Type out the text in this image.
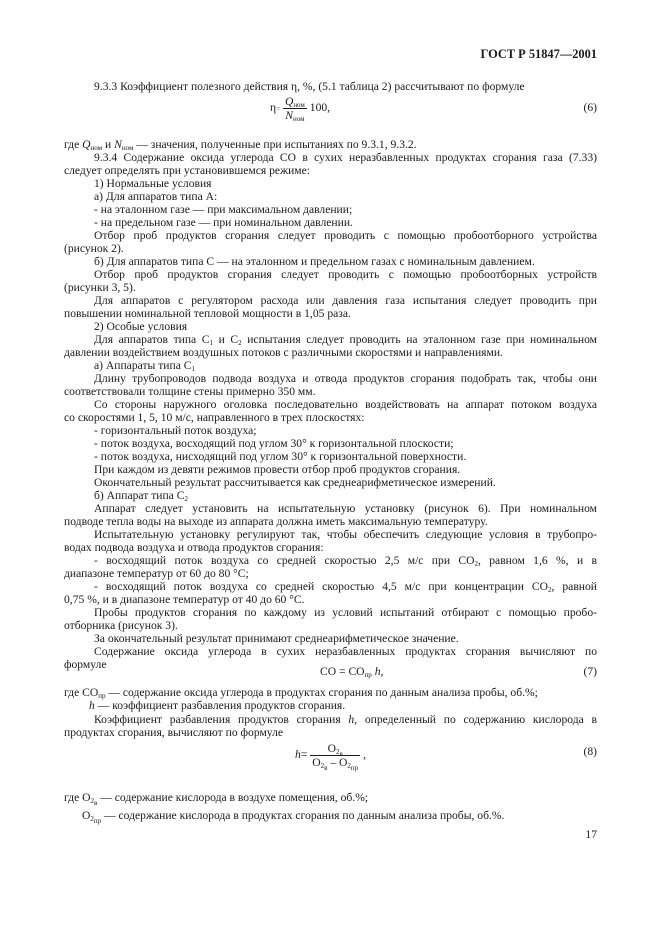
ГОСТ Р 51847—2001
9.3.3 Коэффициент полезного действия η, %, (5.1 таблица 2) рассчитывают по формуле
$\eta= \frac{Q_{ном}}{N_{ном}} 100$,	(6)
где $Q_{ном}$ и $N_{ном}$ — значения, полученные при испытаниях по 9.3.1, 9.3.2.
9.3.4 Содержание оксида углерода CO в сухих неразбавленных продуктах сгорания газа (7.33)
следует определять при установившемся режиме:
1) Нормальные условия
а) Для аппаратов типа А:
- на эталонном газе — при максимальном давлении;
- на предельном газе — при номинальном давлении.
Отбор проб продуктов сгорания следует проводить с помощью пробоотборного устройства
(рисунок 2).
б) Для аппаратов типа С — на эталонном и предельном газах с номинальным давлением.
Отбор проб продуктов сгорания следует проводить с помощью пробоотборных устройств
(рисунки 3, 5).
Для аппаратов с регулятором расхода или давления газа испытания следует проводить при
повышении номинальной тепловой мощности в 1,05 раза.
2) Особые условия
Для аппаратов типа $С_1$ и $С_2$ испытания следует проводить на эталонном газе при номинальном
давлении воздействием воздушных потоков с различными скоростями и направлениями.
а) Аппараты типа $С_1$
Длину трубопроводов подвода воздуха и отвода продуктов сгорания подобрать так, чтобы они
соответствовали толщине стены примерно 350 мм.
Со стороны наружного оголовка последовательно воздействовать на аппарат потоком воздуха
со скоростями 1, 5, 10 м/с, направленного в трех плоскостях:
- горизонтальный поток воздуха;
- поток воздуха, восходящий под углом 30° к горизонтальной плоскости;
- поток воздуха, нисходящий под углом 30° к горизонтальной поверхности.
При каждом из девяти режимов провести отбор проб продуктов сгорания.
Окончательный результат рассчитывается как среднеарифметическое измерений.
б) Аппарат типа $С_2$
Аппарат следует установить на испытательную установку (рисунок 6). При номинальном
подводе тепла воды на выходе из аппарата должна иметь максимальную температуру.
Испытательную установку регулируют так, чтобы обеспечить следующие условия в трубопро-
водах подвода воздуха и отвода продуктов сгорания:
- восходящий поток воздуха со средней скоростью 2,5 м/с при $CO_2$, равном 1,6 %, и в
диапазоне температур от 60 до 80 °С;
- восходящий поток воздуха со средней скоростью 4,5 м/с при концентрации $CO_2$, равной
0,75 %, и в диапазоне температур от 40 до 60 °С.
Пробы продуктов сгорания по каждому из условий испытаний отбирают с помощью пробо-
отборника (рисунок 3).
За окончательный результат принимают среднеарифметическое значение.
Содержание оксида углерода в сухих неразбавленных продуктах сгорания вычисляют по
формуле
CO = $CO_{пр}$ h,	(7)
где $CO_{пр}$ — содержание оксида углерода в продуктах сгорания по данным анализа пробы, об.%;
h — коэффициент разбавления продуктов сгорания.
Коэффициент разбавления продуктов сгорания h, определенный по содержанию кислорода в
продуктах сгорания, вычисляют по формуле
$h= \frac{O_{2_в}}{O_{2_в} - O_{2_{пр}}}$ ,	(8)
где $O_{2_в}$ — содержание кислорода в воздухе помещения, об.%;
$O_{2_{пр}}$ — содержание кислорода в продуктах сгорания по данным анализа пробы, об.%.
17
